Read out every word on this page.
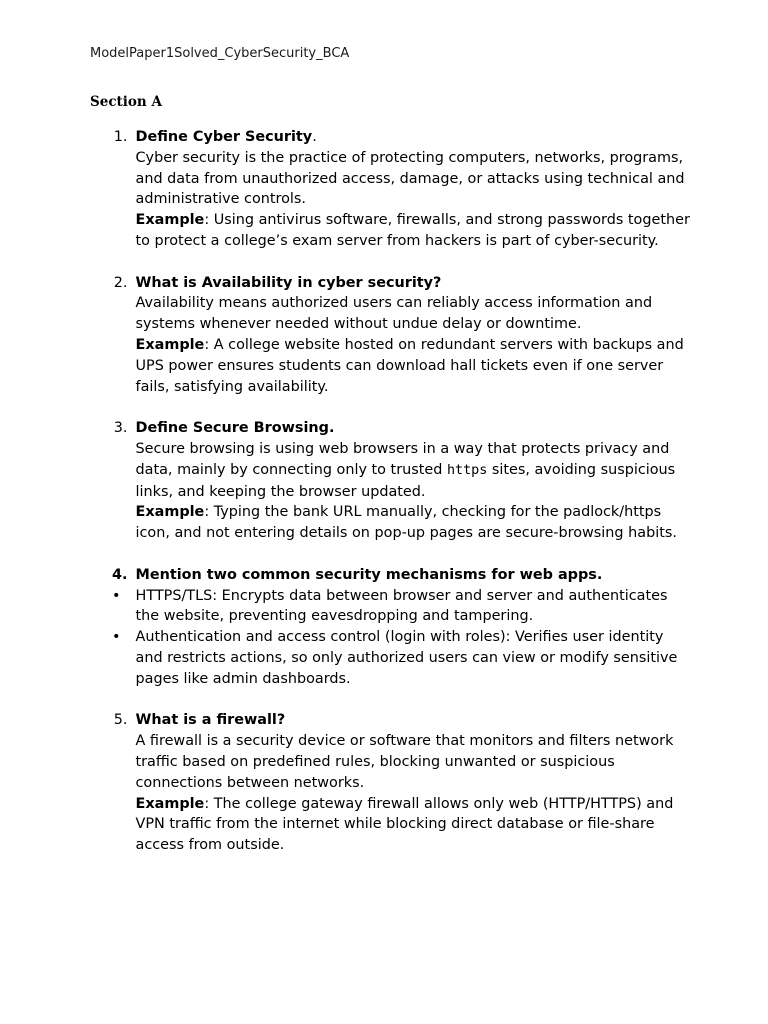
ModelPaper1Solved_CyberSecurity_BCA
Section A
1. Define Cyber Security.
Cyber security is the practice of protecting computers, networks, programs, and data from unauthorized access, damage, or attacks using technical and administrative controls.
Example: Using antivirus software, firewalls, and strong passwords together to protect a college’s exam server from hackers is part of cyber-security.
2. What is Availability in cyber security?
Availability means authorized users can reliably access information and systems whenever needed without undue delay or downtime.
Example: A college website hosted on redundant servers with backups and UPS power ensures students can download hall tickets even if one server fails, satisfying availability.
3. Define Secure Browsing.
Secure browsing is using web browsers in a way that protects privacy and data, mainly by connecting only to trusted https sites, avoiding suspicious links, and keeping the browser updated.
Example: Typing the bank URL manually, checking for the padlock/https icon, and not entering details on pop-up pages are secure-browsing habits.
4. Mention two common security mechanisms for web apps.
•	HTTPS/TLS: Encrypts data between browser and server and authenticates the website, preventing eavesdropping and tampering.
•	Authentication and access control (login with roles): Verifies user identity and restricts actions, so only authorized users can view or modify sensitive pages like admin dashboards.
5. What is a firewall?
A firewall is a security device or software that monitors and filters network traffic based on predefined rules, blocking unwanted or suspicious connections between networks.
Example: The college gateway firewall allows only web (HTTP/HTTPS) and VPN traffic from the internet while blocking direct database or file-share access from outside.
